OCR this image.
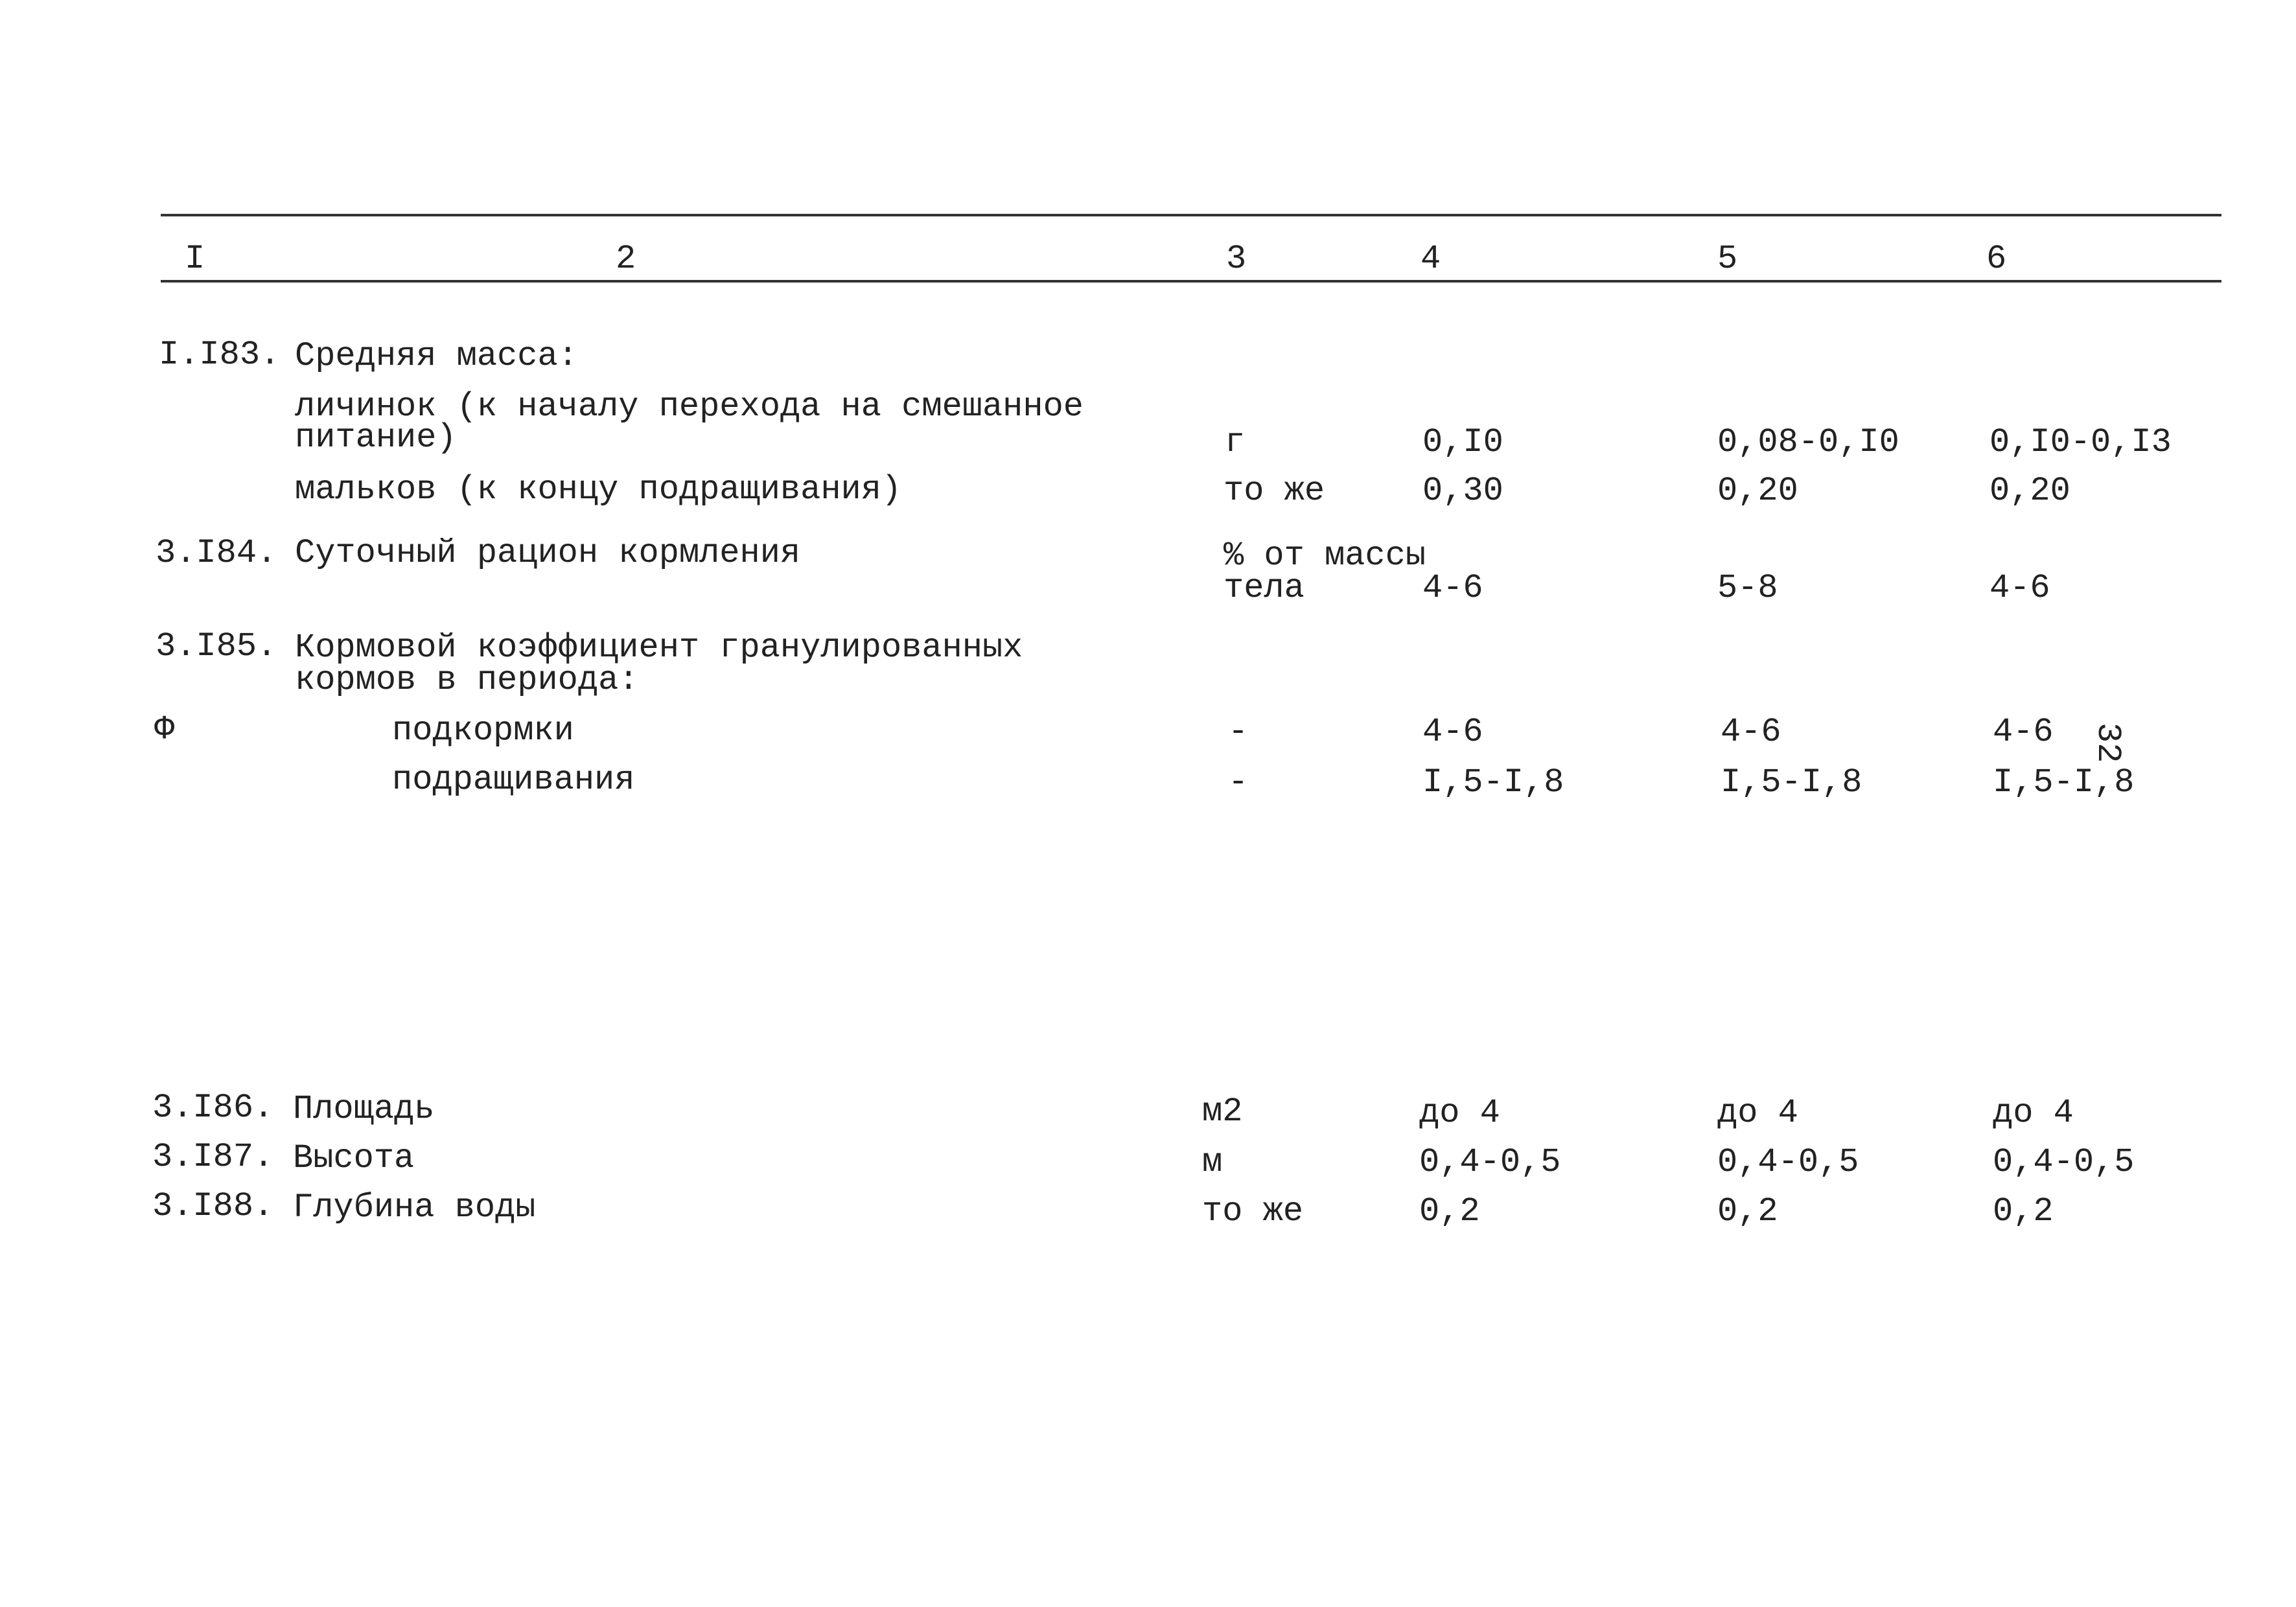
I	2	3	4	5	6
I.I83. Средняя масса:
личинок (к началу перехода на смешанное
питание)	г	0,I0	0,08-0,I0	0,I0-0,I3
мальков (к концу подращивания)	то же	0,30	0,20	0,20
3.I84. Суточный рацион кормления	% от массы
тела	4-6	5-8	4-6
3.I85. Кормовой коэффициент гранулированных
кормов в периода:
Ф	подкормки	-	4-6	4-6	4-6
подращивания	-	I,5-I,8	I,5-I,8	I,5-I,8
3.I86. Площадь	м2	до 4	до 4	до 4
3.I87. Высота	м	0,4-0,5	0,4-0,5	0,4-0,5
3.I88. Глубина воды	то же	0,2	0,2	0,2
32
